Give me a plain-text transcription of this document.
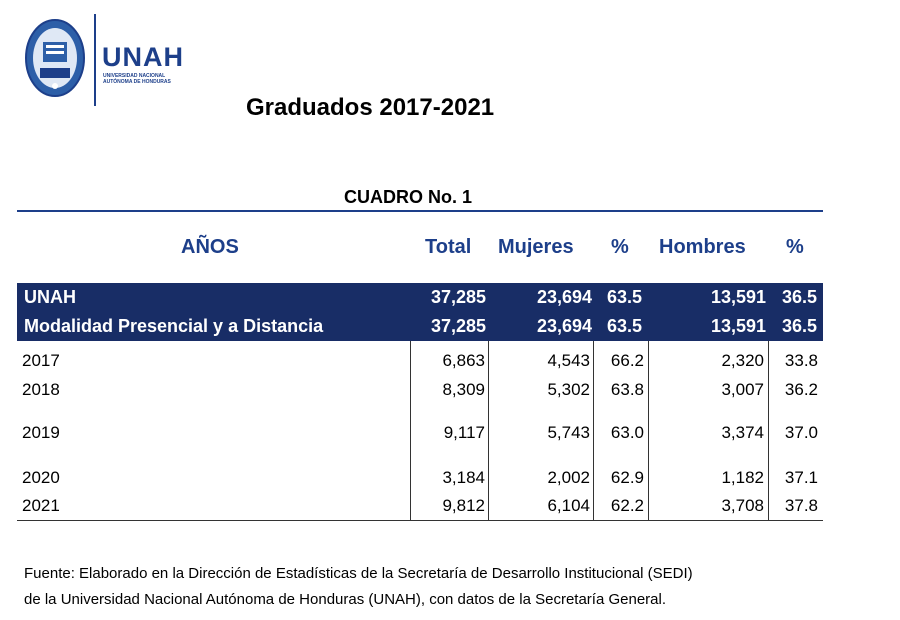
UNAH
UNIVERSIDAD NACIONAL
AUTÓNOMA DE HONDURAS
Graduados 2017-2021
CUADRO No. 1
AÑOS	Total Mujeres % Hombres %
UNAH	37,285	23,694 63.5	13,591 36.5
Modalidad Presencial y a Distancia	37,285	23,694 63.5	13,591 36.5
2017	6,863	4,543 66.2	2,320 33.8
2018	8,309	5,302 63.8	3,007 36.2
2019	9,117	5,743 63.0	3,374 37.0
2020	3,184	2,002 62.9	1,182 37.1
2021	9,812	6,104 62.2	3,708 37.8
Fuente: Elaborado en la Dirección de Estadísticas de la Secretaría de Desarrollo Institucional (SEDI)
de la Universidad Nacional Autónoma de Honduras (UNAH), con datos de la Secretaría General.
